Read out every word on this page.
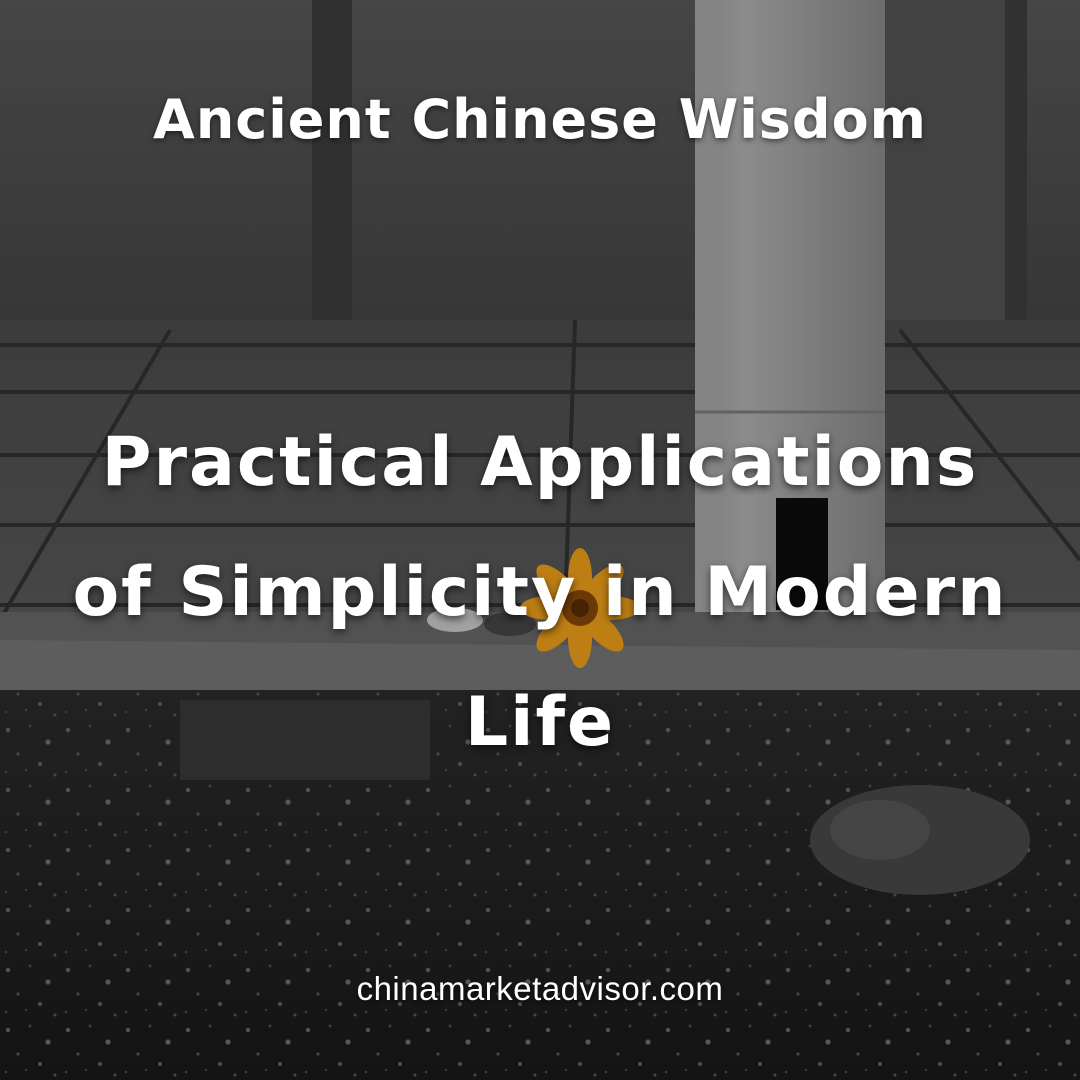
Ancient Chinese Wisdom
Practical Applications of Simplicity in Modern Life
chinamarketadvisor.com
